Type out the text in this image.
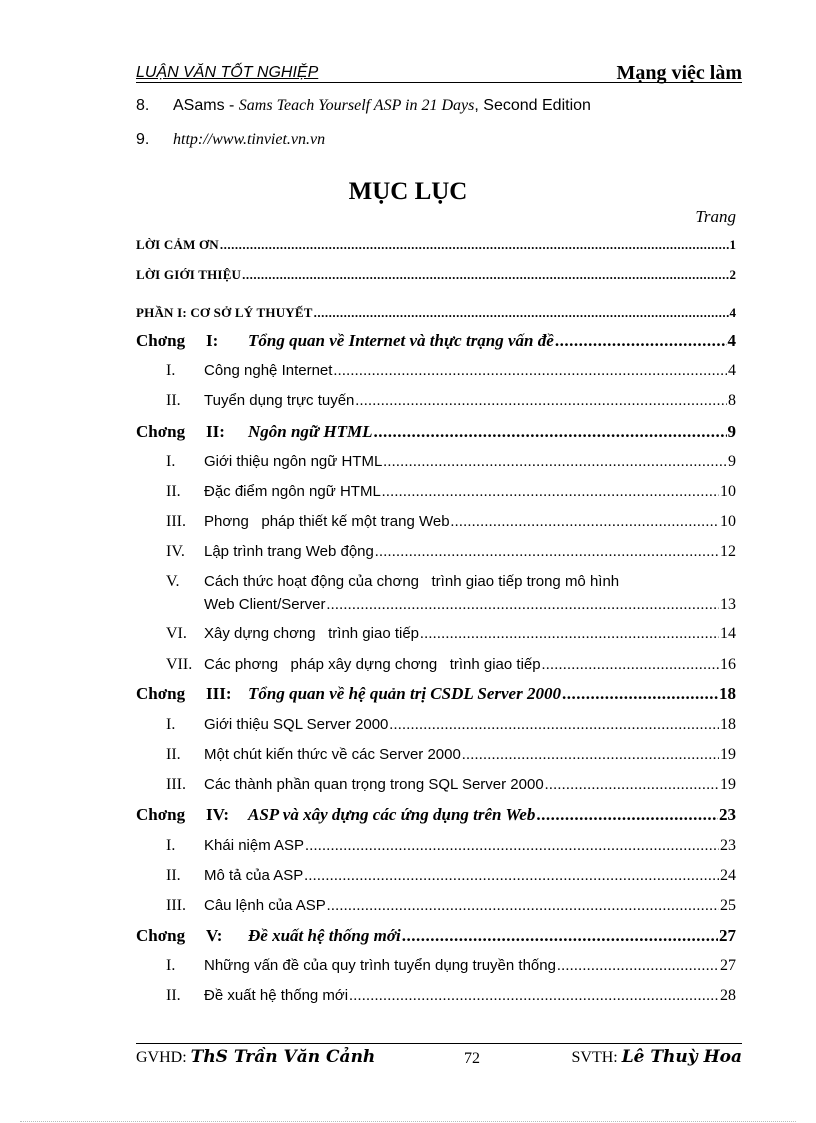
LUẬN VĂN TỐT NGHIỆP	Mạng việc làm
8. ASams - Sams Teach Yourself ASP in 21 Days, Second Edition
9. http://www.tinviet.vn.vn
MỤC LỤC
Trang
LỜI CẢM ƠN .....	1
LỜI GIỚI THIỆU .....	2
PHẦN I: CƠ SỞ LÝ THUYẾT .....	4
Chơng I: Tổng quan về Internet và thực trạng vấn đề .....	4
I. Công nghệ Internet .....	4
II. Tuyển dụng trực tuyến .....	8
Chơng II: Ngôn ngữ HTML .....	9
I. Giới thiệu ngôn ngữ HTML .....	9
II. Đặc điểm ngôn ngữ HTML .....	10
III. Phơng   pháp thiết kế một trang Web .....	10
IV. Lập trình trang Web động .....	12
V. Cách thức hoạt động của chơng   trình giao tiếp trong mô hình
Web Client/Server .....	13
VI. Xây dựng chơng   trình giao tiếp .....	14
VII. Các phơng   pháp xây dựng chơng   trình giao tiếp .....	16
Chơng III: Tổng quan về hệ quản trị CSDL Server 2000 .....	18
I. Giới thiệu SQL Server 2000 .....	18
II. Một chút kiến thức về các Server 2000 .....	19
III. Các thành phần quan trọng trong SQL Server 2000 .....	19
Chơng IV: ASP và xây dựng các ứng dụng trên Web .....	23
I. Khái niệm ASP .....	23
II. Mô tả của ASP .....	24
III. Câu lệnh của ASP .....	25
Chơng V: Đề xuất hệ thống mới .....	27
I. Những vấn đề của quy trình tuyển dụng truyền thống .....	27
II. Đề xuất hệ thống mới .....	28
GVHD: ThS Trần Văn Cảnh	72	SVTH: Lê Thuỳ Hoa
